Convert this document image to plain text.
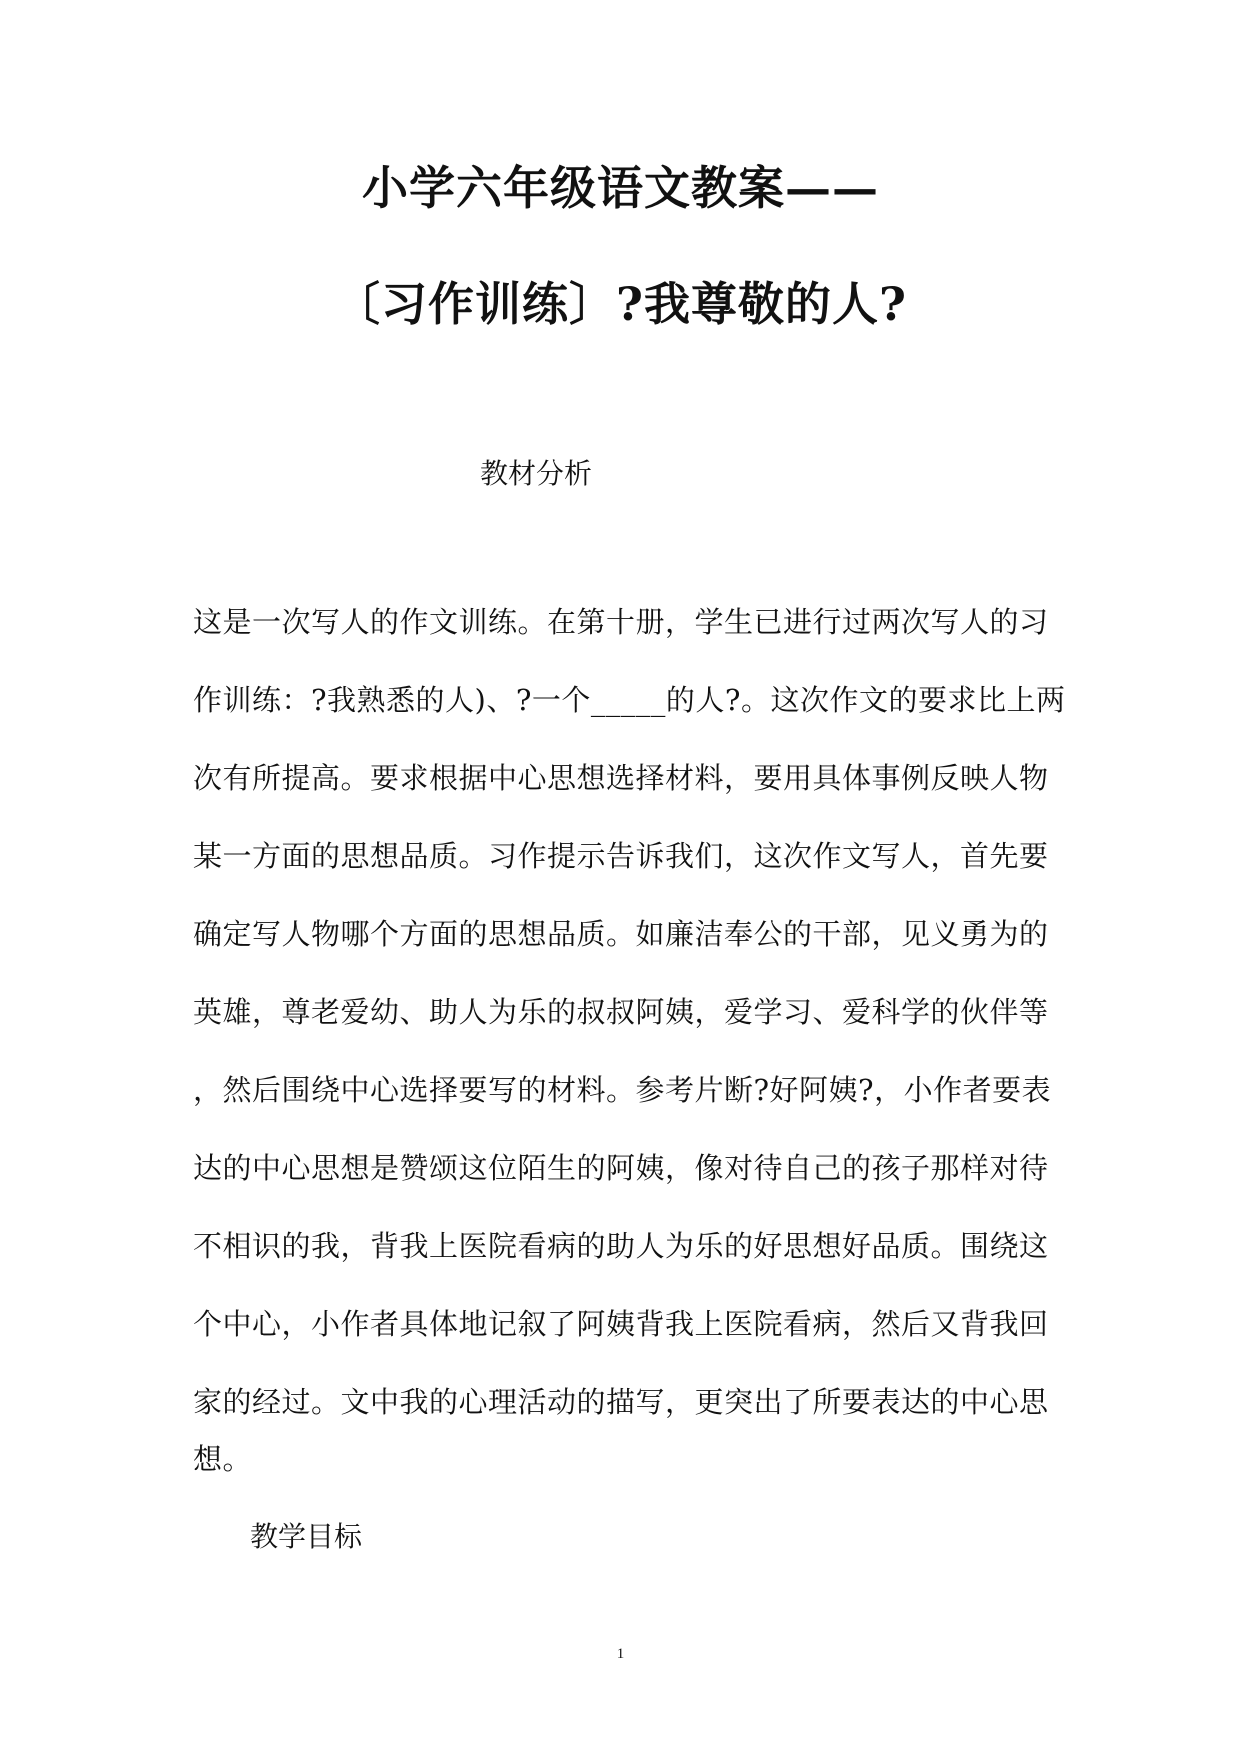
小学六年级语文教案——
〔习作训练〕?我尊敬的人?
教材分析
这是一次写人的作文训练。在第十册，学生已进行过两次写人的习
作训练：?我熟悉的人)、?一个_____的人?。这次作文的要求比上两
次有所提高。要求根据中心思想选择材料，要用具体事例反映人物
某一方面的思想品质。习作提示告诉我们，这次作文写人，首先要
确定写人物哪个方面的思想品质。如廉洁奉公的干部，见义勇为的
英雄，尊老爱幼、助人为乐的叔叔阿姨，爱学习、爱科学的伙伴等
，然后围绕中心选择要写的材料。参考片断?好阿姨?，小作者要表
达的中心思想是赞颂这位陌生的阿姨，像对待自己的孩子那样对待
不相识的我，背我上医院看病的助人为乐的好思想好品质。围绕这
个中心，小作者具体地记叙了阿姨背我上医院看病，然后又背我回
家的经过。文中我的心理活动的描写，更突出了所要表达的中心思
想。
教学目标
1
